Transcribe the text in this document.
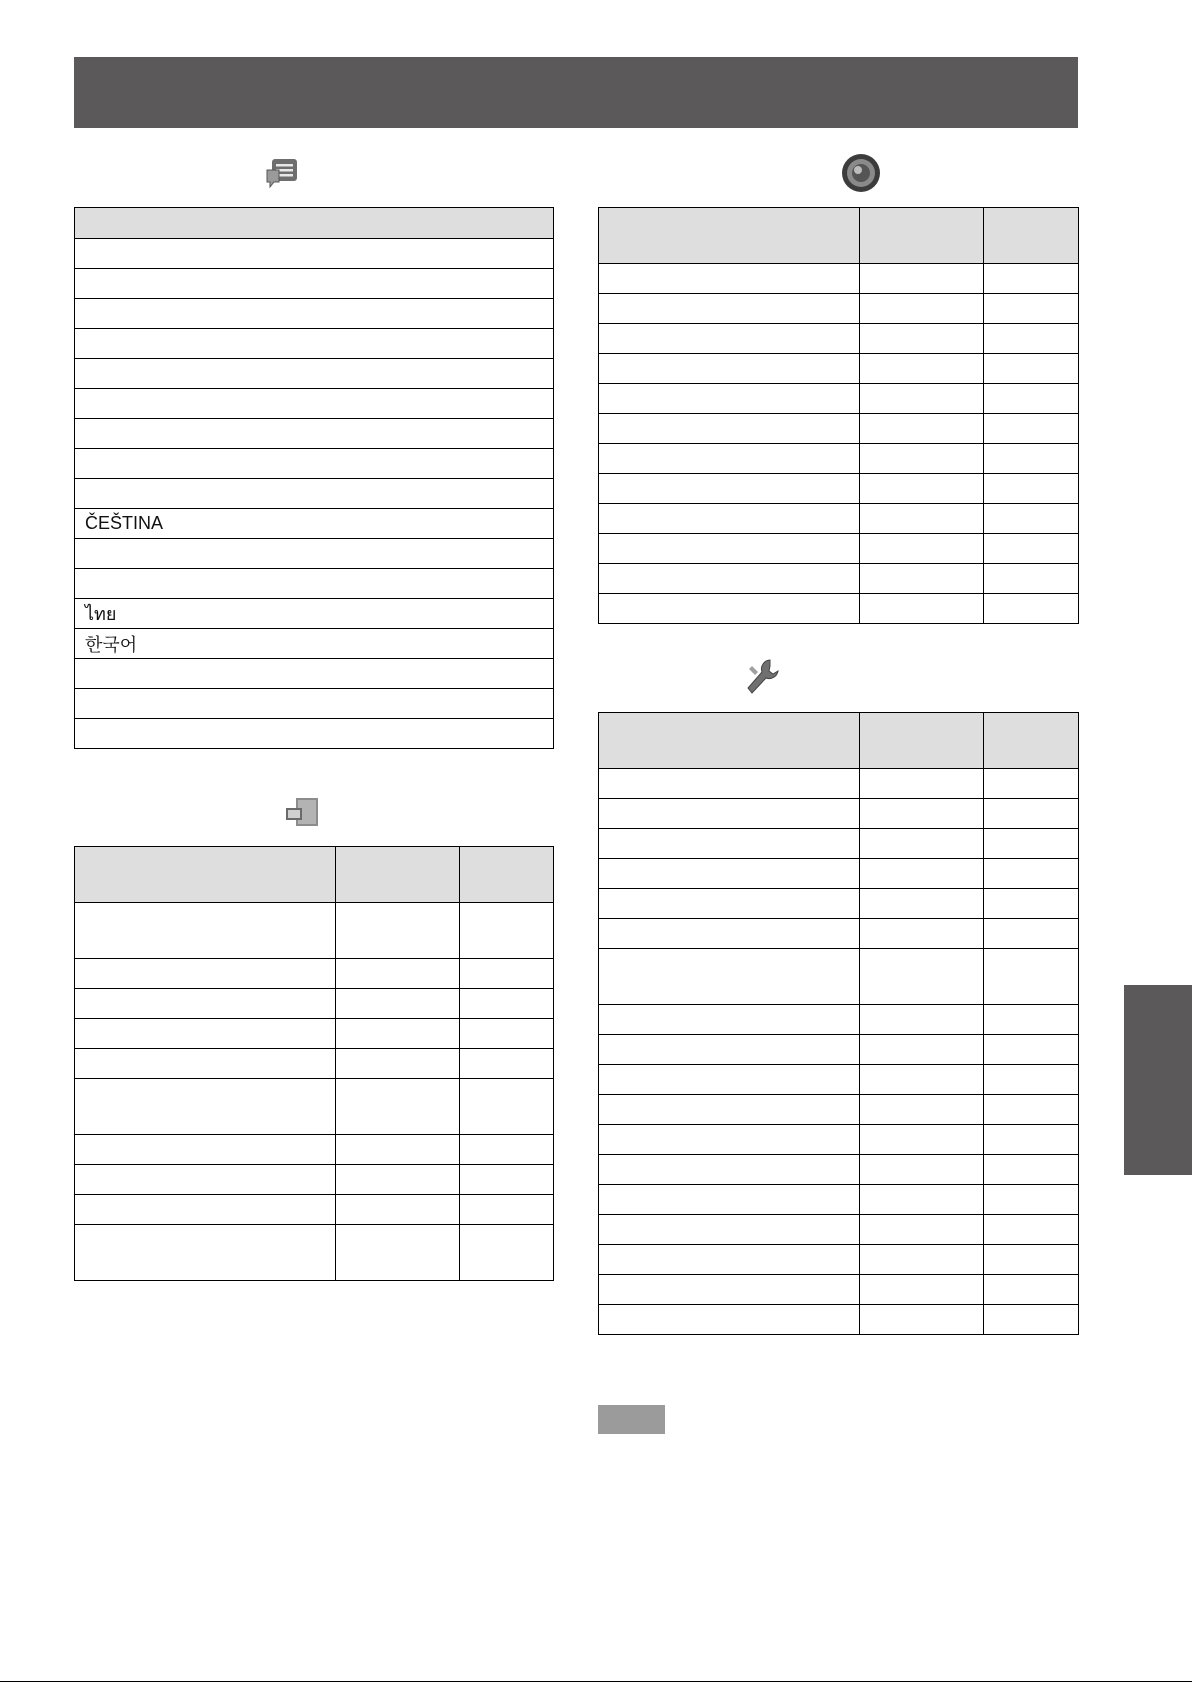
ČEŠTINA

ไทย
한국어
